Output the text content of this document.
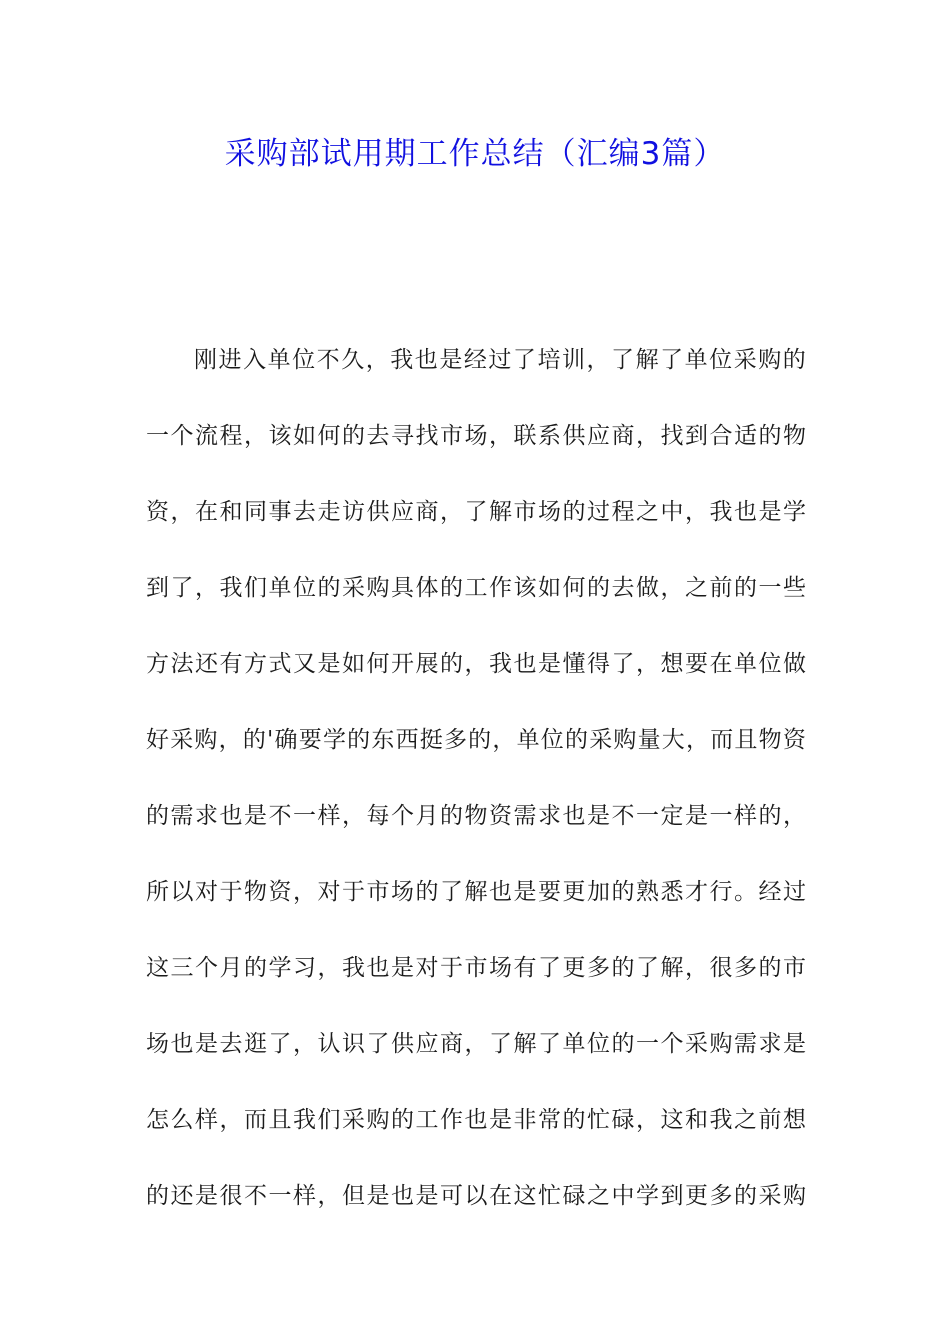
采购部试用期工作总结（汇编3篇）
刚 进 入 单 位 不 久 ， 我 也 是 经 过 了 培 训 ， 了 解 了 单 位 采 购 的
一 个 流 程 ， 该 如 何 的 去 寻 找 市 场 ， 联 系 供 应 商 ， 找 到 合 适 的 物
资 ， 在 和 同 事 去 走 访 供 应 商 ， 了 解 市 场 的 过 程 之 中 ， 我 也 是 学
到 了 ， 我 们 单 位 的 采 购 具 体 的 工 作 该 如 何 的 去 做 ， 之 前 的 一 些
方 法 还 有 方 式 又 是 如 何 开 展 的 ， 我 也 是 懂 得 了 ， 想 要 在 单 位 做
好 采 购 ， 的 ' 确 要 学 的 东 西 挺 多 的 ， 单 位 的 采 购 量 大 ， 而 且 物 资
的 需 求 也 是 不 一 样 ， 每 个 月 的 物 资 需 求 也 是 不 一 定 是 一 样 的 ，
所 以 对 于 物 资 ， 对 于 市 场 的 了 解 也 是 要 更 加 的 熟 悉 才 行 。 经 过
这 三 个 月 的 学 习 ， 我 也 是 对 于 市 场 有 了 更 多 的 了 解 ， 很 多 的 市
场 也 是 去 逛 了 ， 认 识 了 供 应 商 ， 了 解 了 单 位 的 一 个 采 购 需 求 是
怎 么 样 ， 而 且 我 们 采 购 的 工 作 也 是 非 常 的 忙 碌 ， 这 和 我 之 前 想
的 还 是 很 不 一 样 ， 但 是 也 是 可 以 在 这 忙 碌 之 中 学 到 更 多 的 采 购
